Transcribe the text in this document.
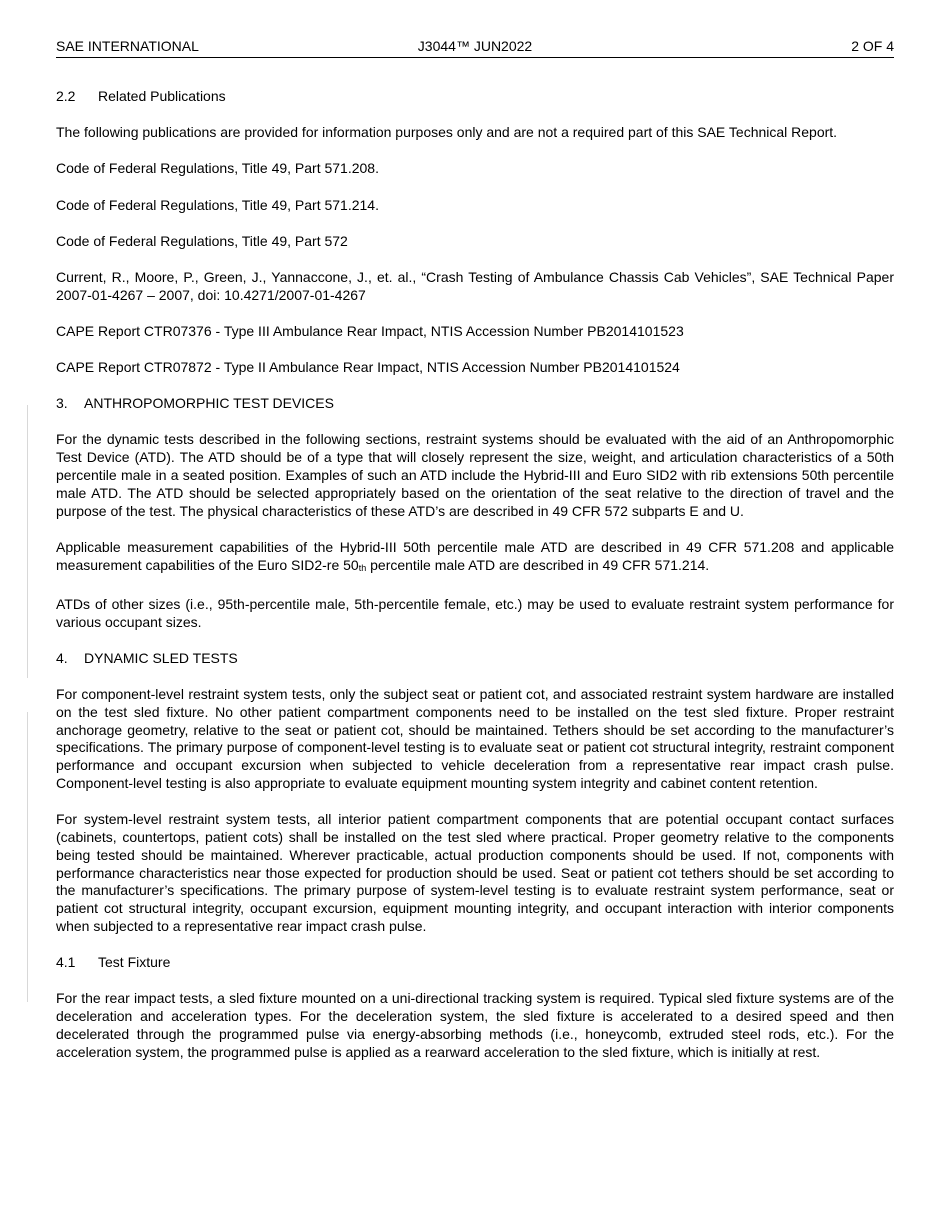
SAE INTERNATIONAL	J3044™ JUN2022	2 OF 4

2.2 Related Publications

The following publications are provided for information purposes only and are not a required part of this SAE Technical Report.

Code of Federal Regulations, Title 49, Part 571.208.

Code of Federal Regulations, Title 49, Part 571.214.

Code of Federal Regulations, Title 49, Part 572

Current, R., Moore, P., Green, J., Yannaccone, J., et. al., “Crash Testing of Ambulance Chassis Cab Vehicles”, SAE Technical Paper 2007-01-4267 – 2007, doi: 10.4271/2007-01-4267

CAPE Report CTR07376 - Type III Ambulance Rear Impact, NTIS Accession Number PB2014101523

CAPE Report CTR07872 - Type II Ambulance Rear Impact, NTIS Accession Number PB2014101524

3. ANTHROPOMORPHIC TEST DEVICES

For the dynamic tests described in the following sections, restraint systems should be evaluated with the aid of an Anthropomorphic Test Device (ATD). The ATD should be of a type that will closely represent the size, weight, and articulation characteristics of a 50th percentile male in a seated position. Examples of such an ATD include the Hybrid-III and Euro SID2 with rib extensions 50th percentile male ATD. The ATD should be selected appropriately based on the orientation of the seat relative to the direction of travel and the purpose of the test. The physical characteristics of these ATD’s are described in 49 CFR 572 subparts E and U.

Applicable measurement capabilities of the Hybrid-III 50th percentile male ATD are described in 49 CFR 571.208 and applicable measurement capabilities of the Euro SID2-re 50th percentile male ATD are described in 49 CFR 571.214.

ATDs of other sizes (i.e., 95th-percentile male, 5th-percentile female, etc.) may be used to evaluate restraint system performance for various occupant sizes.

4. DYNAMIC SLED TESTS

For component-level restraint system tests, only the subject seat or patient cot, and associated restraint system hardware are installed on the test sled fixture. No other patient compartment components need to be installed on the test sled fixture. Proper restraint anchorage geometry, relative to the seat or patient cot, should be maintained. Tethers should be set according to the manufacturer’s specifications. The primary purpose of component-level testing is to evaluate seat or patient cot structural integrity, restraint component performance and occupant excursion when subjected to vehicle deceleration from a representative rear impact crash pulse. Component-level testing is also appropriate to evaluate equipment mounting system integrity and cabinet content retention.

For system-level restraint system tests, all interior patient compartment components that are potential occupant contact surfaces (cabinets, countertops, patient cots) shall be installed on the test sled where practical. Proper geometry relative to the components being tested should be maintained. Wherever practicable, actual production components should be used. If not, components with performance characteristics near those expected for production should be used. Seat or patient cot tethers should be set according to the manufacturer’s specifications. The primary purpose of system-level testing is to evaluate restraint system performance, seat or patient cot structural integrity, occupant excursion, equipment mounting integrity, and occupant interaction with interior components when subjected to a representative rear impact crash pulse.

4.1 Test Fixture

For the rear impact tests, a sled fixture mounted on a uni-directional tracking system is required. Typical sled fixture systems are of the deceleration and acceleration types. For the deceleration system, the sled fixture is accelerated to a desired speed and then decelerated through the programmed pulse via energy-absorbing methods (i.e., honeycomb, extruded steel rods, etc.). For the acceleration system, the programmed pulse is applied as a rearward acceleration to the sled fixture, which is initially at rest.
